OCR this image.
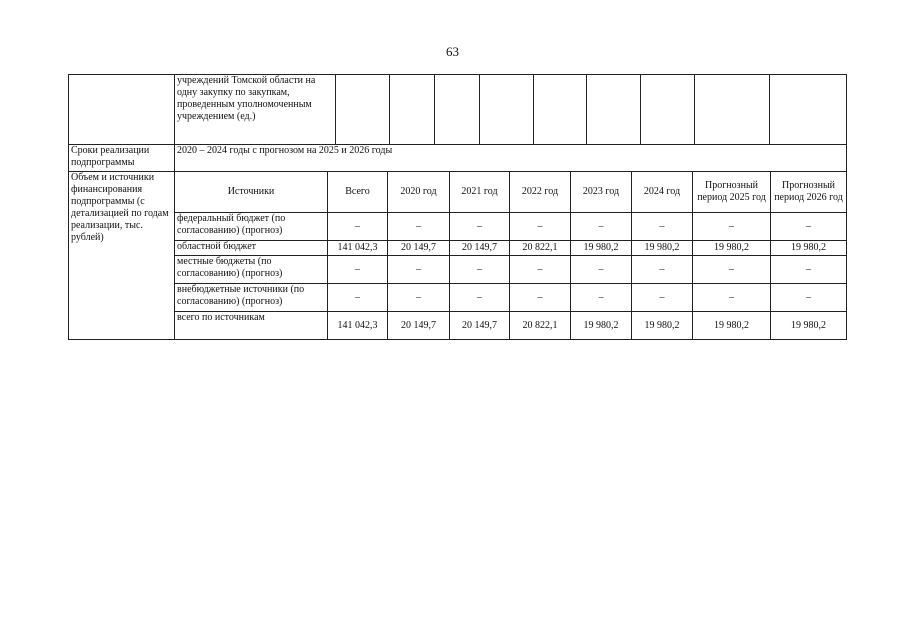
63
	учреждений Томской области на одну закупку по закупкам, проведенным уполномоченным учреждением (ед.)									
Сроки реализации подпрограммы	2020 – 2024 годы с прогнозом на 2025 и 2026 годы
Объем и источники финансирования подпрограммы (с детализацией по годам реализации, тыс. рублей)	Источники	Всего	2020 год	2021 год	2022 год	2023 год	2024 год	Прогнозный период 2025 год	Прогнозный период 2026 год
	федеральный бюджет (по согласованию) (прогноз)	–	–	–	–	–	–	–	–
	областной бюджет	141 042,3	20 149,7	20 149,7	20 822,1	19 980,2	19 980,2	19 980,2	19 980,2
	местные бюджеты (по согласованию) (прогноз)	–	–	–	–	–	–	–	–
	внебюджетные источники (по согласованию) (прогноз)	–	–	–	–	–	–	–	–
	всего по источникам	141 042,3	20 149,7	20 149,7	20 822,1	19 980,2	19 980,2	19 980,2	19 980,2
